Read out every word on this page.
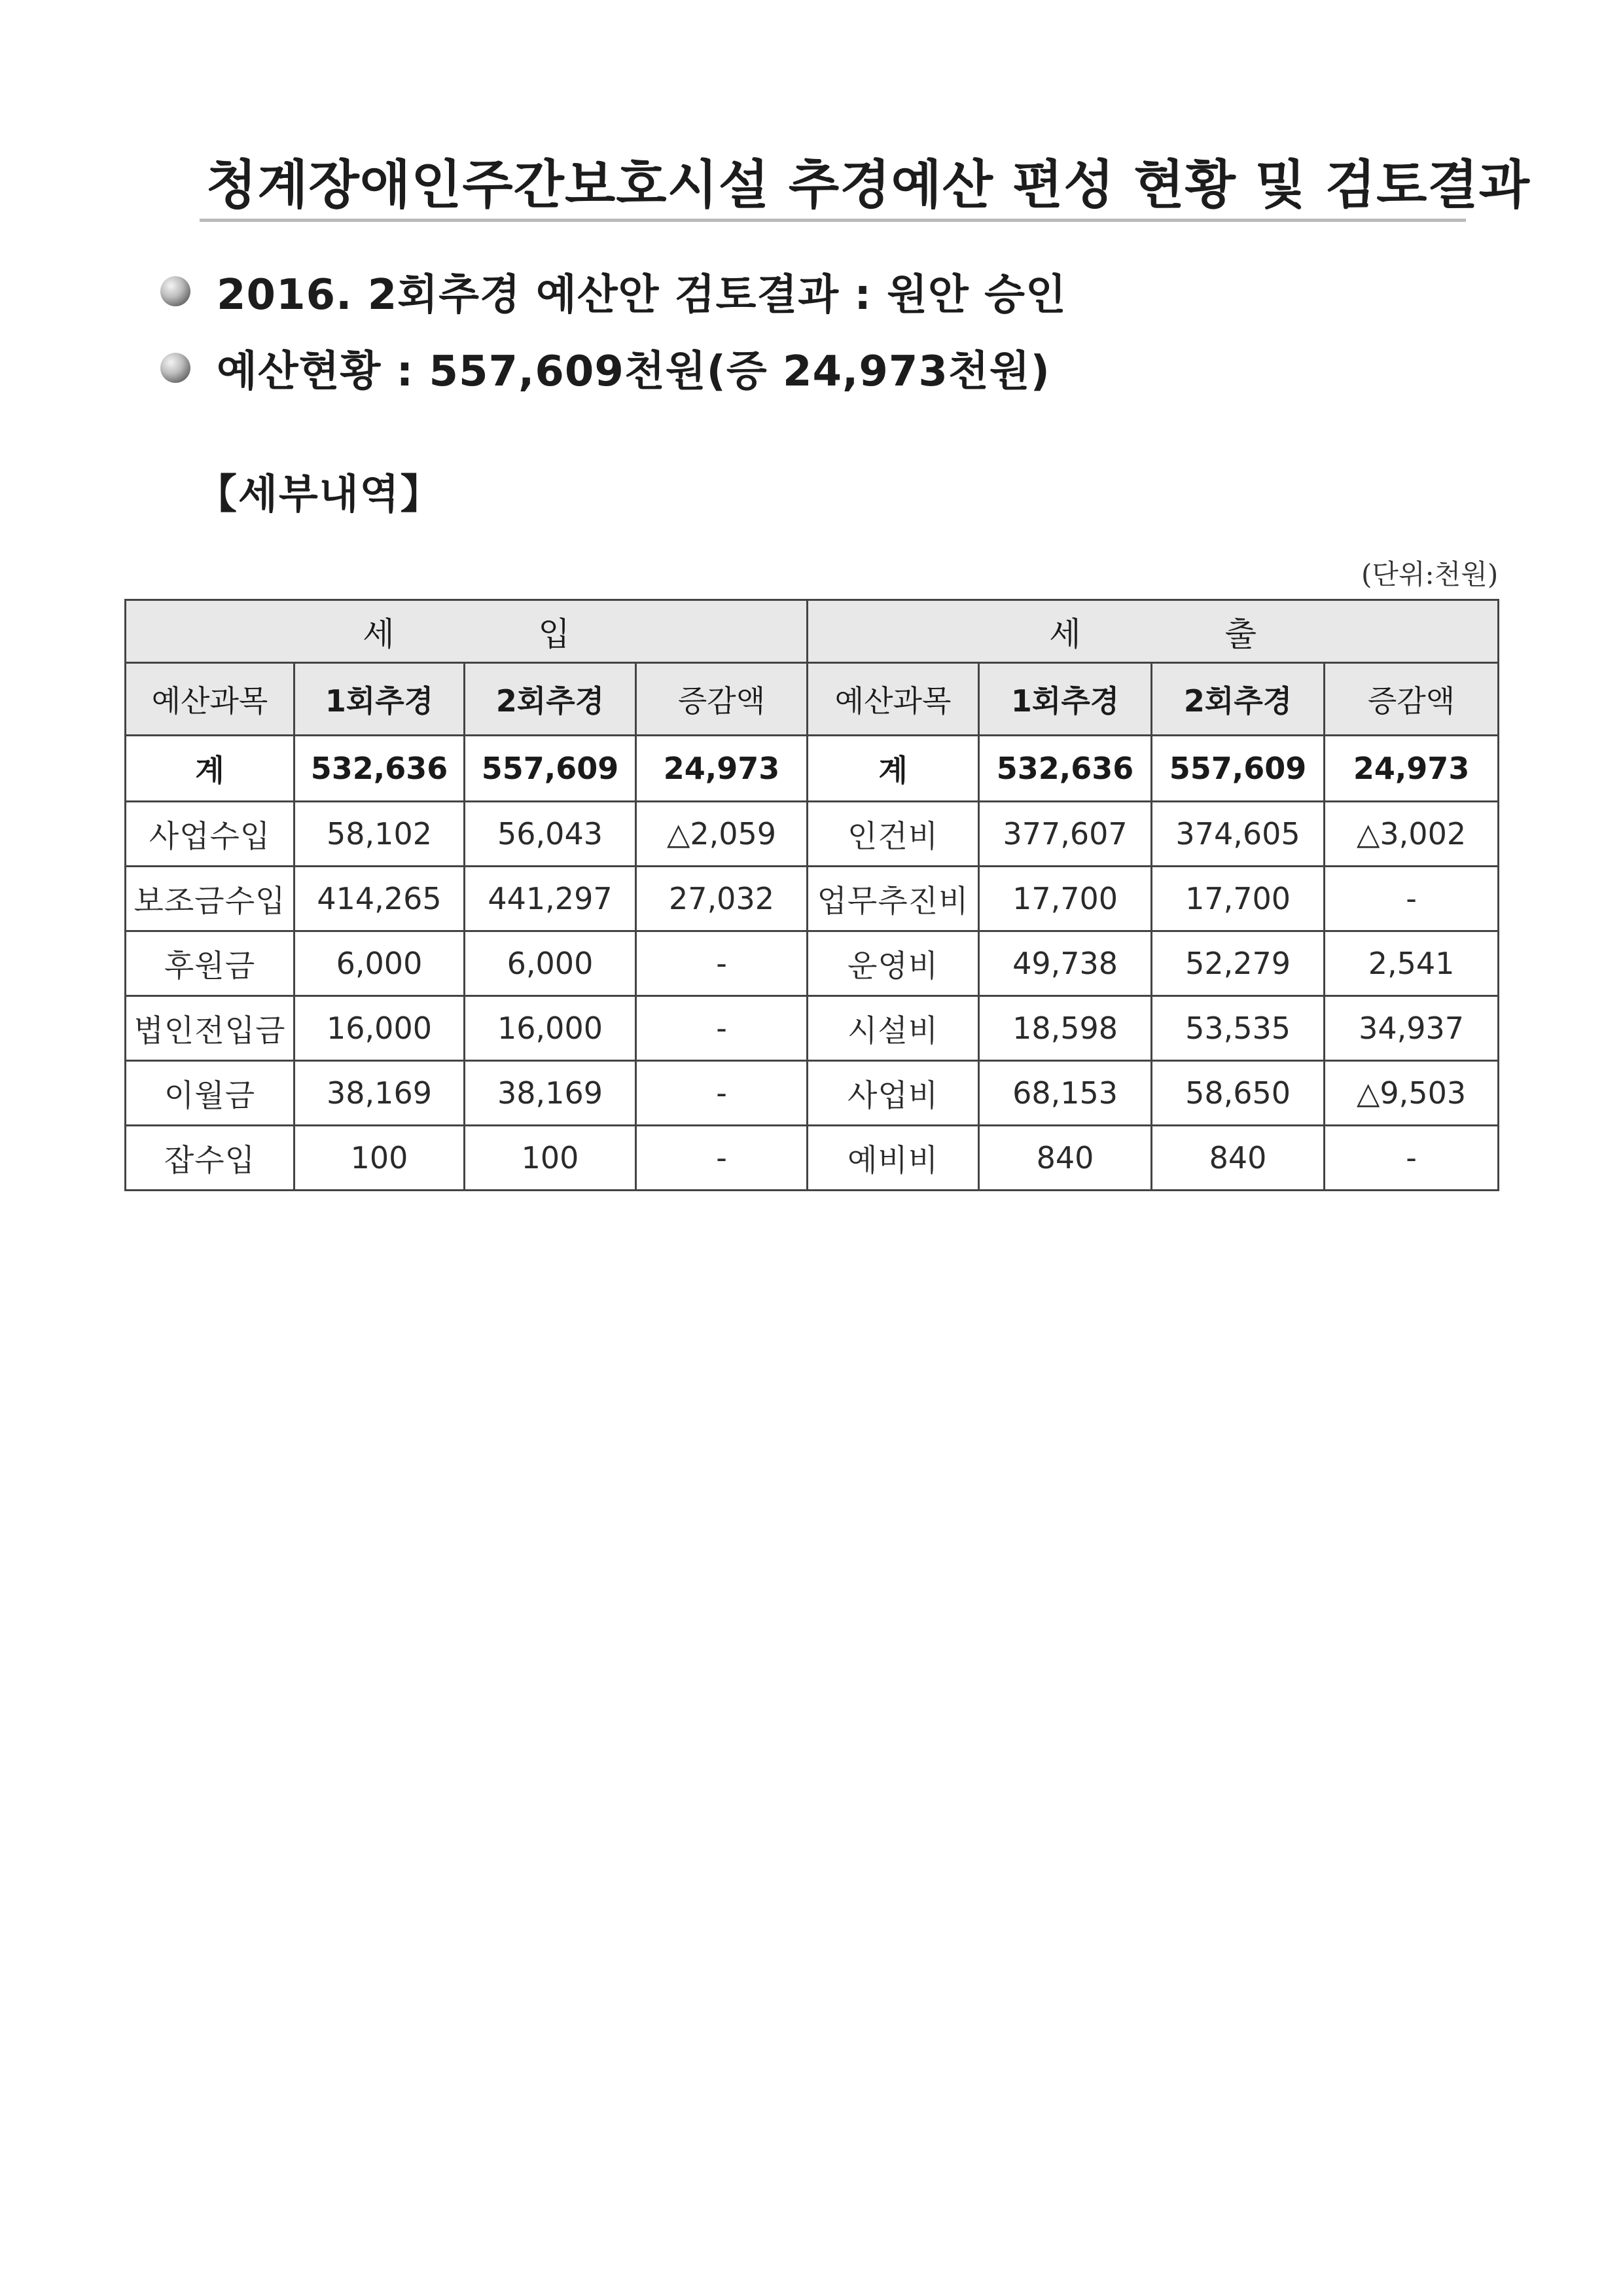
청계장애인주간보호시설 추경예산 편성 현황 및 검토결과
2016. 2회추경 예산안 검토결과 : 원안 승인
예산현황 : 557,609천원(증 24,973천원)
【세부내역】
(단위:천원)
세입				세출			
예산과목	1회추경	2회추경	증감액	예산과목	1회추경	2회추경	증감액
계	532,636	557,609	24,973	계	532,636	557,609	24,973
사업수입	58,102	56,043	△2,059	인건비	377,607	374,605	△3,002
보조금수입	414,265	441,297	27,032	업무추진비	17,700	17,700	-
후원금	6,000	6,000	-	운영비	49,738	52,279	2,541
법인전입금	16,000	16,000	-	시설비	18,598	53,535	34,937
이월금	38,169	38,169	-	사업비	68,153	58,650	△9,503
잡수입	100	100	-	예비비	840	840	-
